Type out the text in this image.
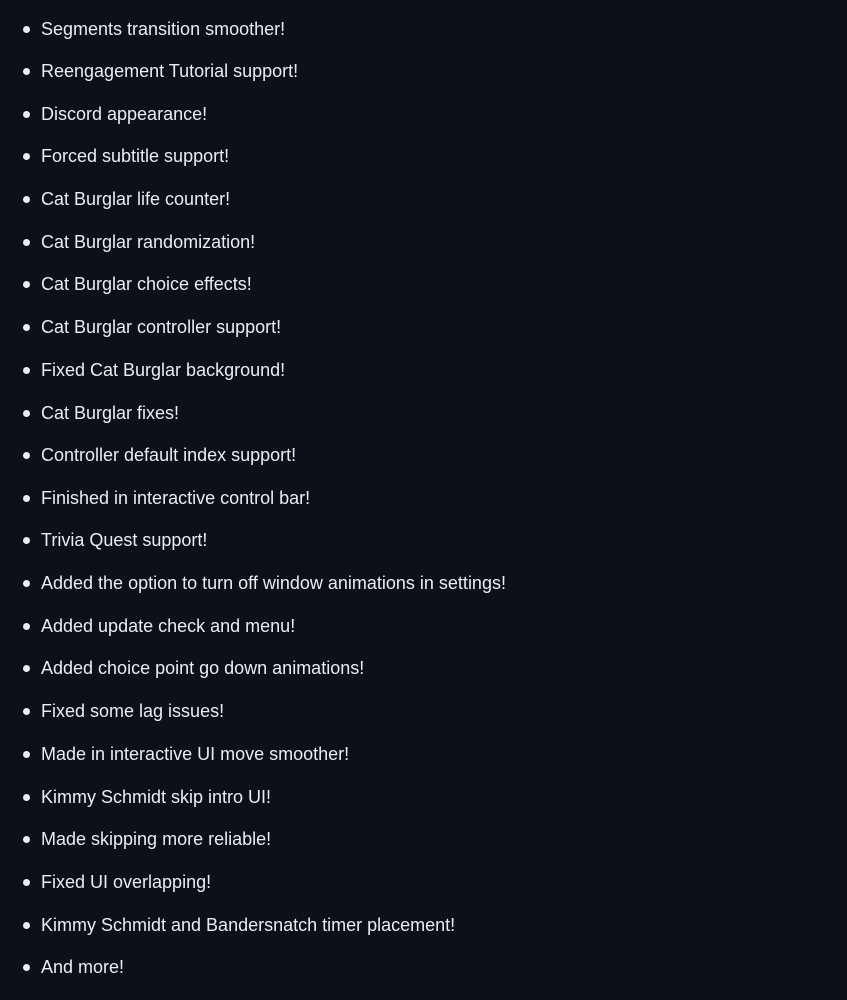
Segments transition smoother!
Reengagement Tutorial support!
Discord appearance!
Forced subtitle support!
Cat Burglar life counter!
Cat Burglar randomization!
Cat Burglar choice effects!
Cat Burglar controller support!
Fixed Cat Burglar background!
Cat Burglar fixes!
Controller default index support!
Finished in interactive control bar!
Trivia Quest support!
Added the option to turn off window animations in settings!
Added update check and menu!
Added choice point go down animations!
Fixed some lag issues!
Made in interactive UI move smoother!
Kimmy Schmidt skip intro UI!
Made skipping more reliable!
Fixed UI overlapping!
Kimmy Schmidt and Bandersnatch timer placement!
And more!
